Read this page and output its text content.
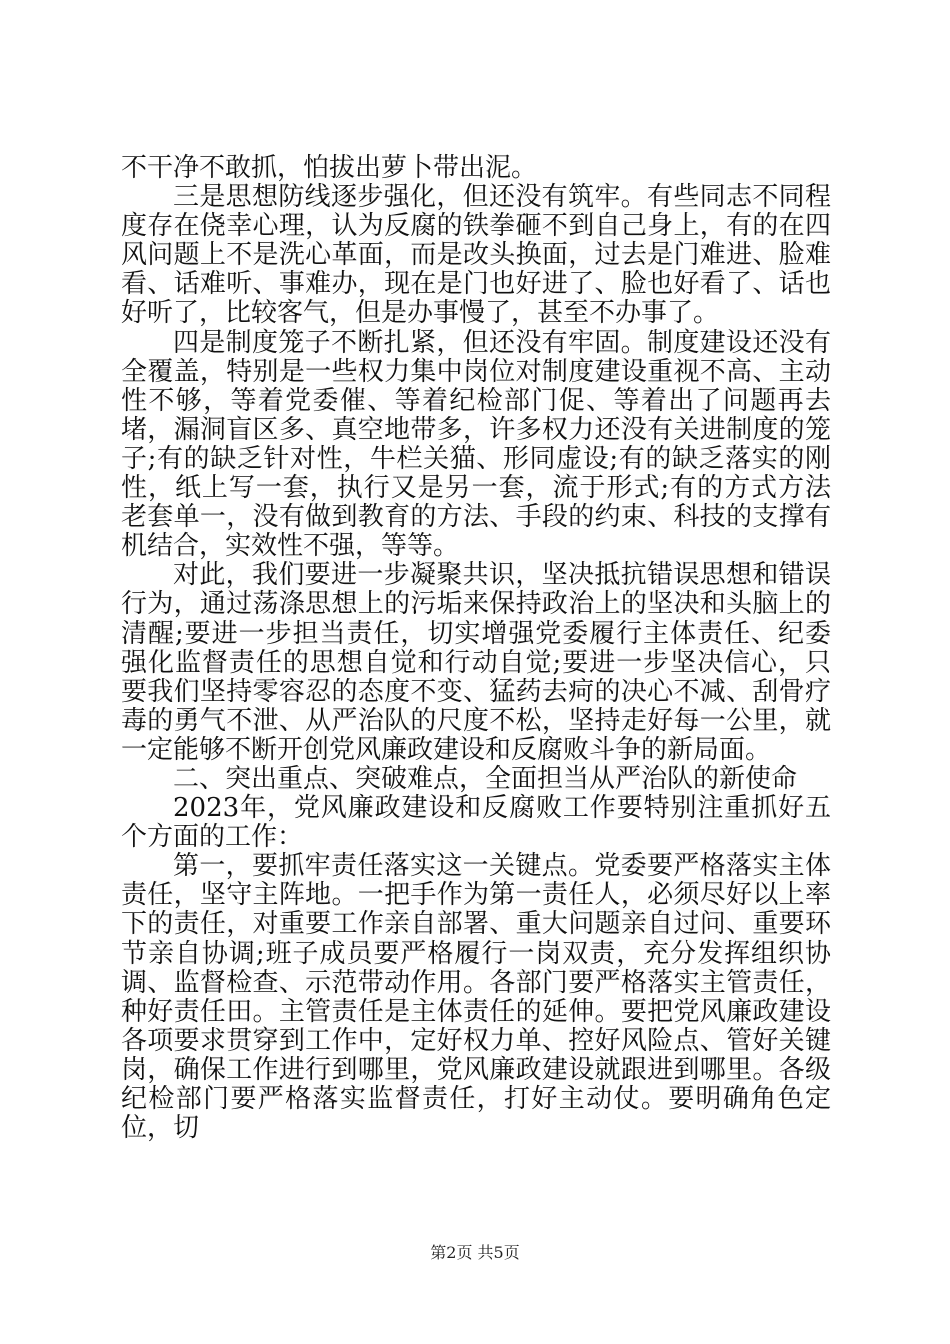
不干净不敢抓，怕拔出萝卜带出泥。

三是思想防线逐步强化，但还没有筑牢。有些同志不同程度存在侥幸心理，认为反腐的铁拳砸不到自己身上，有的在四风问题上不是洗心革面，而是改头换面，过去是门难进、脸难看、话难听、事难办，现在是门也好进了、脸也好看了、话也好听了，比较客气，但是办事慢了，甚至不办事了。

四是制度笼子不断扎紧，但还没有牢固。制度建设还没有全覆盖，特别是一些权力集中岗位对制度建设重视不高、主动性不够，等着党委催、等着纪检部门促、等着出了问题再去堵，漏洞盲区多、真空地带多，许多权力还没有关进制度的笼子;有的缺乏针对性，牛栏关猫、形同虚设;有的缺乏落实的刚性，纸上写一套，执行又是另一套，流于形式;有的方式方法老套单一，没有做到教育的方法、手段的约束、科技的支撑有机结合，实效性不强，等等。

对此，我们要进一步凝聚共识，坚决抵抗错误思想和错误行为，通过荡涤思想上的污垢来保持政治上的坚决和头脑上的清醒;要进一步担当责任，切实增强党委履行主体责任、纪委强化监督责任的思想自觉和行动自觉;要进一步坚决信心，只要我们坚持零容忍的态度不变、猛药去疴的决心不减、刮骨疗毒的勇气不泄、从严治队的尺度不松，坚持走好每一公里，就一定能够不断开创党风廉政建设和反腐败斗争的新局面。

二、突出重点、突破难点，全面担当从严治队的新使命

2023年，党风廉政建设和反腐败工作要特别注重抓好五个方面的工作：

第一，要抓牢责任落实这一关键点。党委要严格落实主体责任，坚守主阵地。一把手作为第一责任人，必须尽好以上率下的责任，对重要工作亲自部署、重大问题亲自过问、重要环节亲自协调;班子成员要严格履行一岗双责，充分发挥组织协调、监督检查、示范带动作用。各部门要严格落实主管责任，种好责任田。主管责任是主体责任的延伸。要把党风廉政建设各项要求贯穿到工作中，定好权力单、控好风险点、管好关键岗，确保工作进行到哪里，党风廉政建设就跟进到哪里。各级纪检部门要严格落实监督责任，打好主动仗。要明确角色定位，切

第2页 共5页
